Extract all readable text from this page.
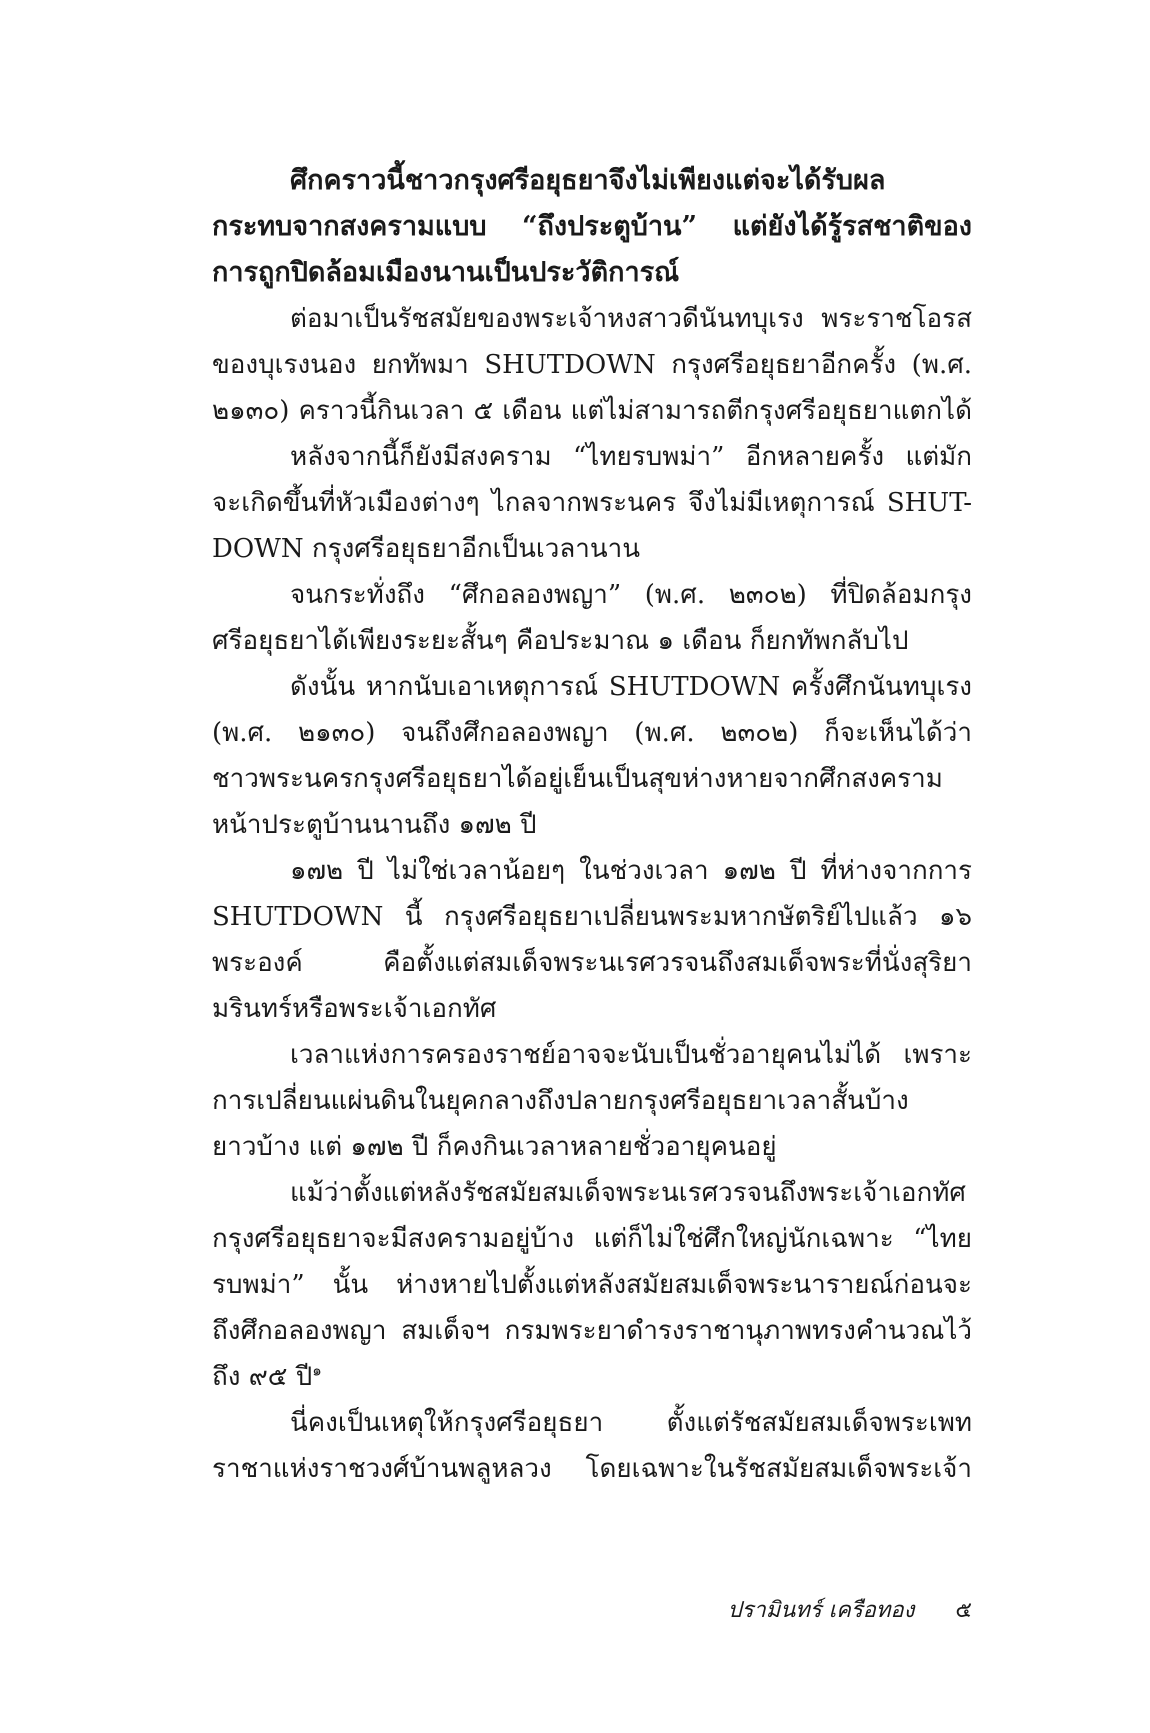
ศึกคราวนี้ชาวกรุงศรีอยุธยาจึงไม่เพียงแต่จะได้รับผล
กระทบจากสงครามแบบ “ถึงประตูบ้าน” แต่ยังได้รู้รสชาติของ
การถูกปิดล้อมเมืองนานเป็นประวัติการณ์
ต่อมาเป็นรัชสมัยของพระเจ้าหงสาวดีนันทบุเรง พระราชโอรส
ของบุเรงนอง ยกทัพมา SHUTDOWN กรุงศรีอยุธยาอีกครั้ง (พ.ศ.
๒๑๓๐) คราวนี้กินเวลา ๕ เดือน แต่ไม่สามารถตีกรุงศรีอยุธยาแตกได้
หลังจากนี้ก็ยังมีสงคราม “ไทยรบพม่า” อีกหลายครั้ง แต่มัก
จะเกิดขึ้นที่หัวเมืองต่างๆ ไกลจากพระนคร จึงไม่มีเหตุการณ์ SHUT-
DOWN กรุงศรีอยุธยาอีกเป็นเวลานาน
จนกระทั่งถึง “ศึกอลองพญา” (พ.ศ. ๒๓๐๒) ที่ปิดล้อมกรุง
ศรีอยุธยาได้เพียงระยะสั้นๆ คือประมาณ ๑ เดือน ก็ยกทัพกลับไป
ดังนั้น หากนับเอาเหตุการณ์ SHUTDOWN ครั้งศึกนันทบุเรง
(พ.ศ. ๒๑๓๐) จนถึงศึกอลองพญา (พ.ศ. ๒๓๐๒) ก็จะเห็นได้ว่า
ชาวพระนครกรุงศรีอยุธยาได้อยู่เย็นเป็นสุขห่างหายจากศึกสงคราม
หน้าประตูบ้านนานถึง ๑๗๒ ปี
๑๗๒ ปี ไม่ใช่เวลาน้อยๆ ในช่วงเวลา ๑๗๒ ปี ที่ห่างจากการ
SHUTDOWN นี้ กรุงศรีอยุธยาเปลี่ยนพระมหากษัตริย์ไปแล้ว ๑๖
พระองค์ คือตั้งแต่สมเด็จพระนเรศวรจนถึงสมเด็จพระที่นั่งสุริยา
มรินทร์หรือพระเจ้าเอกทัศ
เวลาแห่งการครองราชย์อาจจะนับเป็นชั่วอายุคนไม่ได้ เพราะ
การเปลี่ยนแผ่นดินในยุคกลางถึงปลายกรุงศรีอยุธยาเวลาสั้นบ้าง
ยาวบ้าง แต่ ๑๗๒ ปี ก็คงกินเวลาหลายชั่วอายุคนอยู่
แม้ว่าตั้งแต่หลังรัชสมัยสมเด็จพระนเรศวรจนถึงพระเจ้าเอกทัศ
กรุงศรีอยุธยาจะมีสงครามอยู่บ้าง แต่ก็ไม่ใช่ศึกใหญ่นักเฉพาะ “ไทย
รบพม่า” นั้น ห่างหายไปตั้งแต่หลังสมัยสมเด็จพระนารายณ์ก่อนจะ
ถึงศึกอลองพญา สมเด็จฯ กรมพระยาดำรงราชานุภาพทรงคำนวณไว้
ถึง ๙๕ ปี$^๑$
นี่คงเป็นเหตุให้กรุงศรีอยุธยา ตั้งแต่รัชสมัยสมเด็จพระเพท
ราชาแห่งราชวงศ์บ้านพลูหลวง โดยเฉพาะในรัชสมัยสมเด็จพระเจ้า
ปรามินทร์ เครือทอง ๕
